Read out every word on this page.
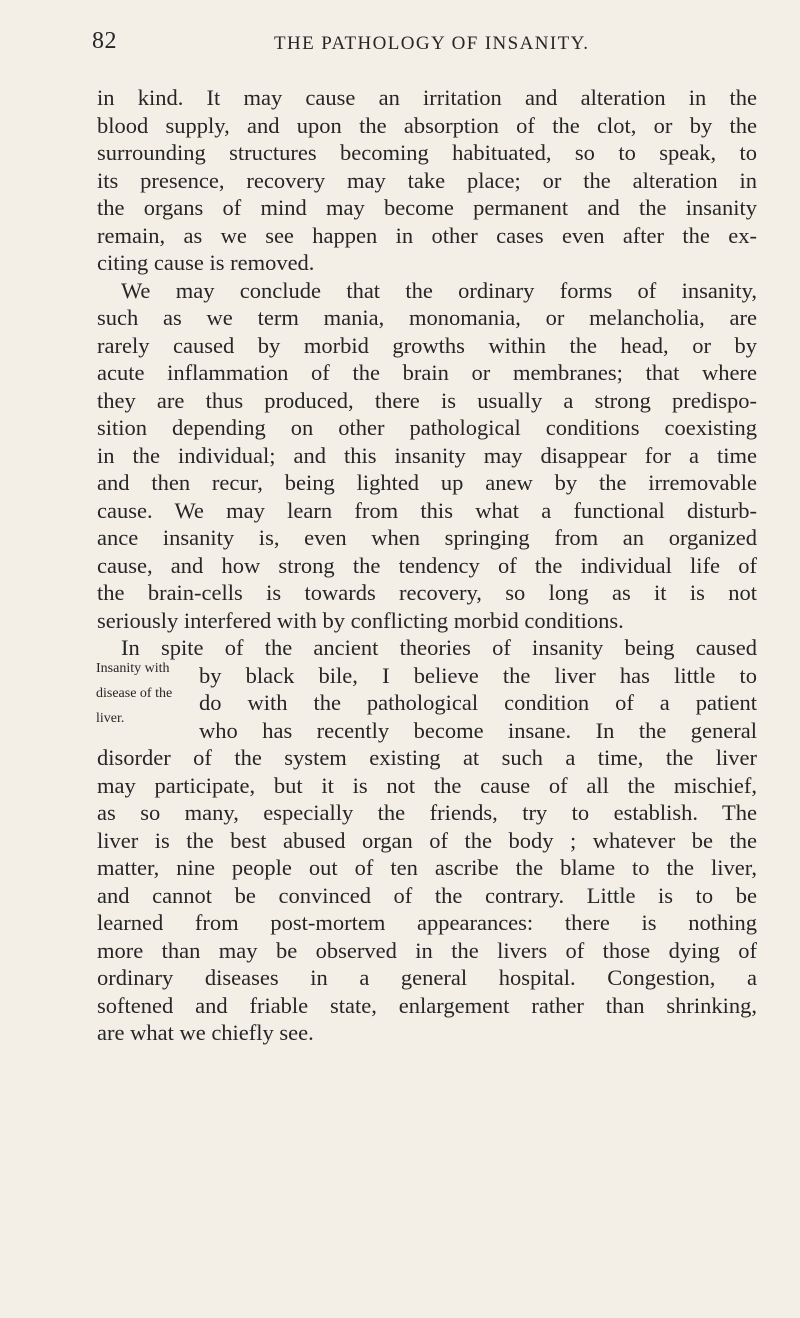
82	THE PATHOLOGY OF INSANITY.
Insanity with
disease of the
liver.
in kind. It may cause an irritation and alteration in the
blood supply, and upon the absorption of the clot, or by the
surrounding structures becoming habituated, so to speak, to
its presence, recovery may take place; or the alteration in
the organs of mind may become permanent and the insanity
remain, as we see happen in other cases even after the ex-
citing cause is removed.
We may conclude that the ordinary forms of insanity,
such as we term mania, monomania, or melancholia, are
rarely caused by morbid growths within the head, or by
acute inflammation of the brain or membranes; that where
they are thus produced, there is usually a strong predispo-
sition depending on other pathological conditions coexisting
in the individual; and this insanity may disappear for a time
and then recur, being lighted up anew by the irremovable
cause. We may learn from this what a functional disturb-
ance insanity is, even when springing from an organized
cause, and how strong the tendency of the individual life of
the brain-cells is towards recovery, so long as it is not
seriously interfered with by conflicting morbid conditions.
In spite of the ancient theories of insanity being caused
by black bile, I believe the liver has little to
do with the pathological condition of a patient
who has recently become insane. In the general
disorder of the system existing at such a time, the liver
may participate, but it is not the cause of all the mischief,
as so many, especially the friends, try to establish. The
liver is the best abused organ of the body ; whatever be the
matter, nine people out of ten ascribe the blame to the liver,
and cannot be convinced of the contrary. Little is to be
learned from post-mortem appearances: there is nothing
more than may be observed in the livers of those dying of
ordinary diseases in a general hospital. Congestion, a
softened and friable state, enlargement rather than shrinking,
are what we chiefly see.
